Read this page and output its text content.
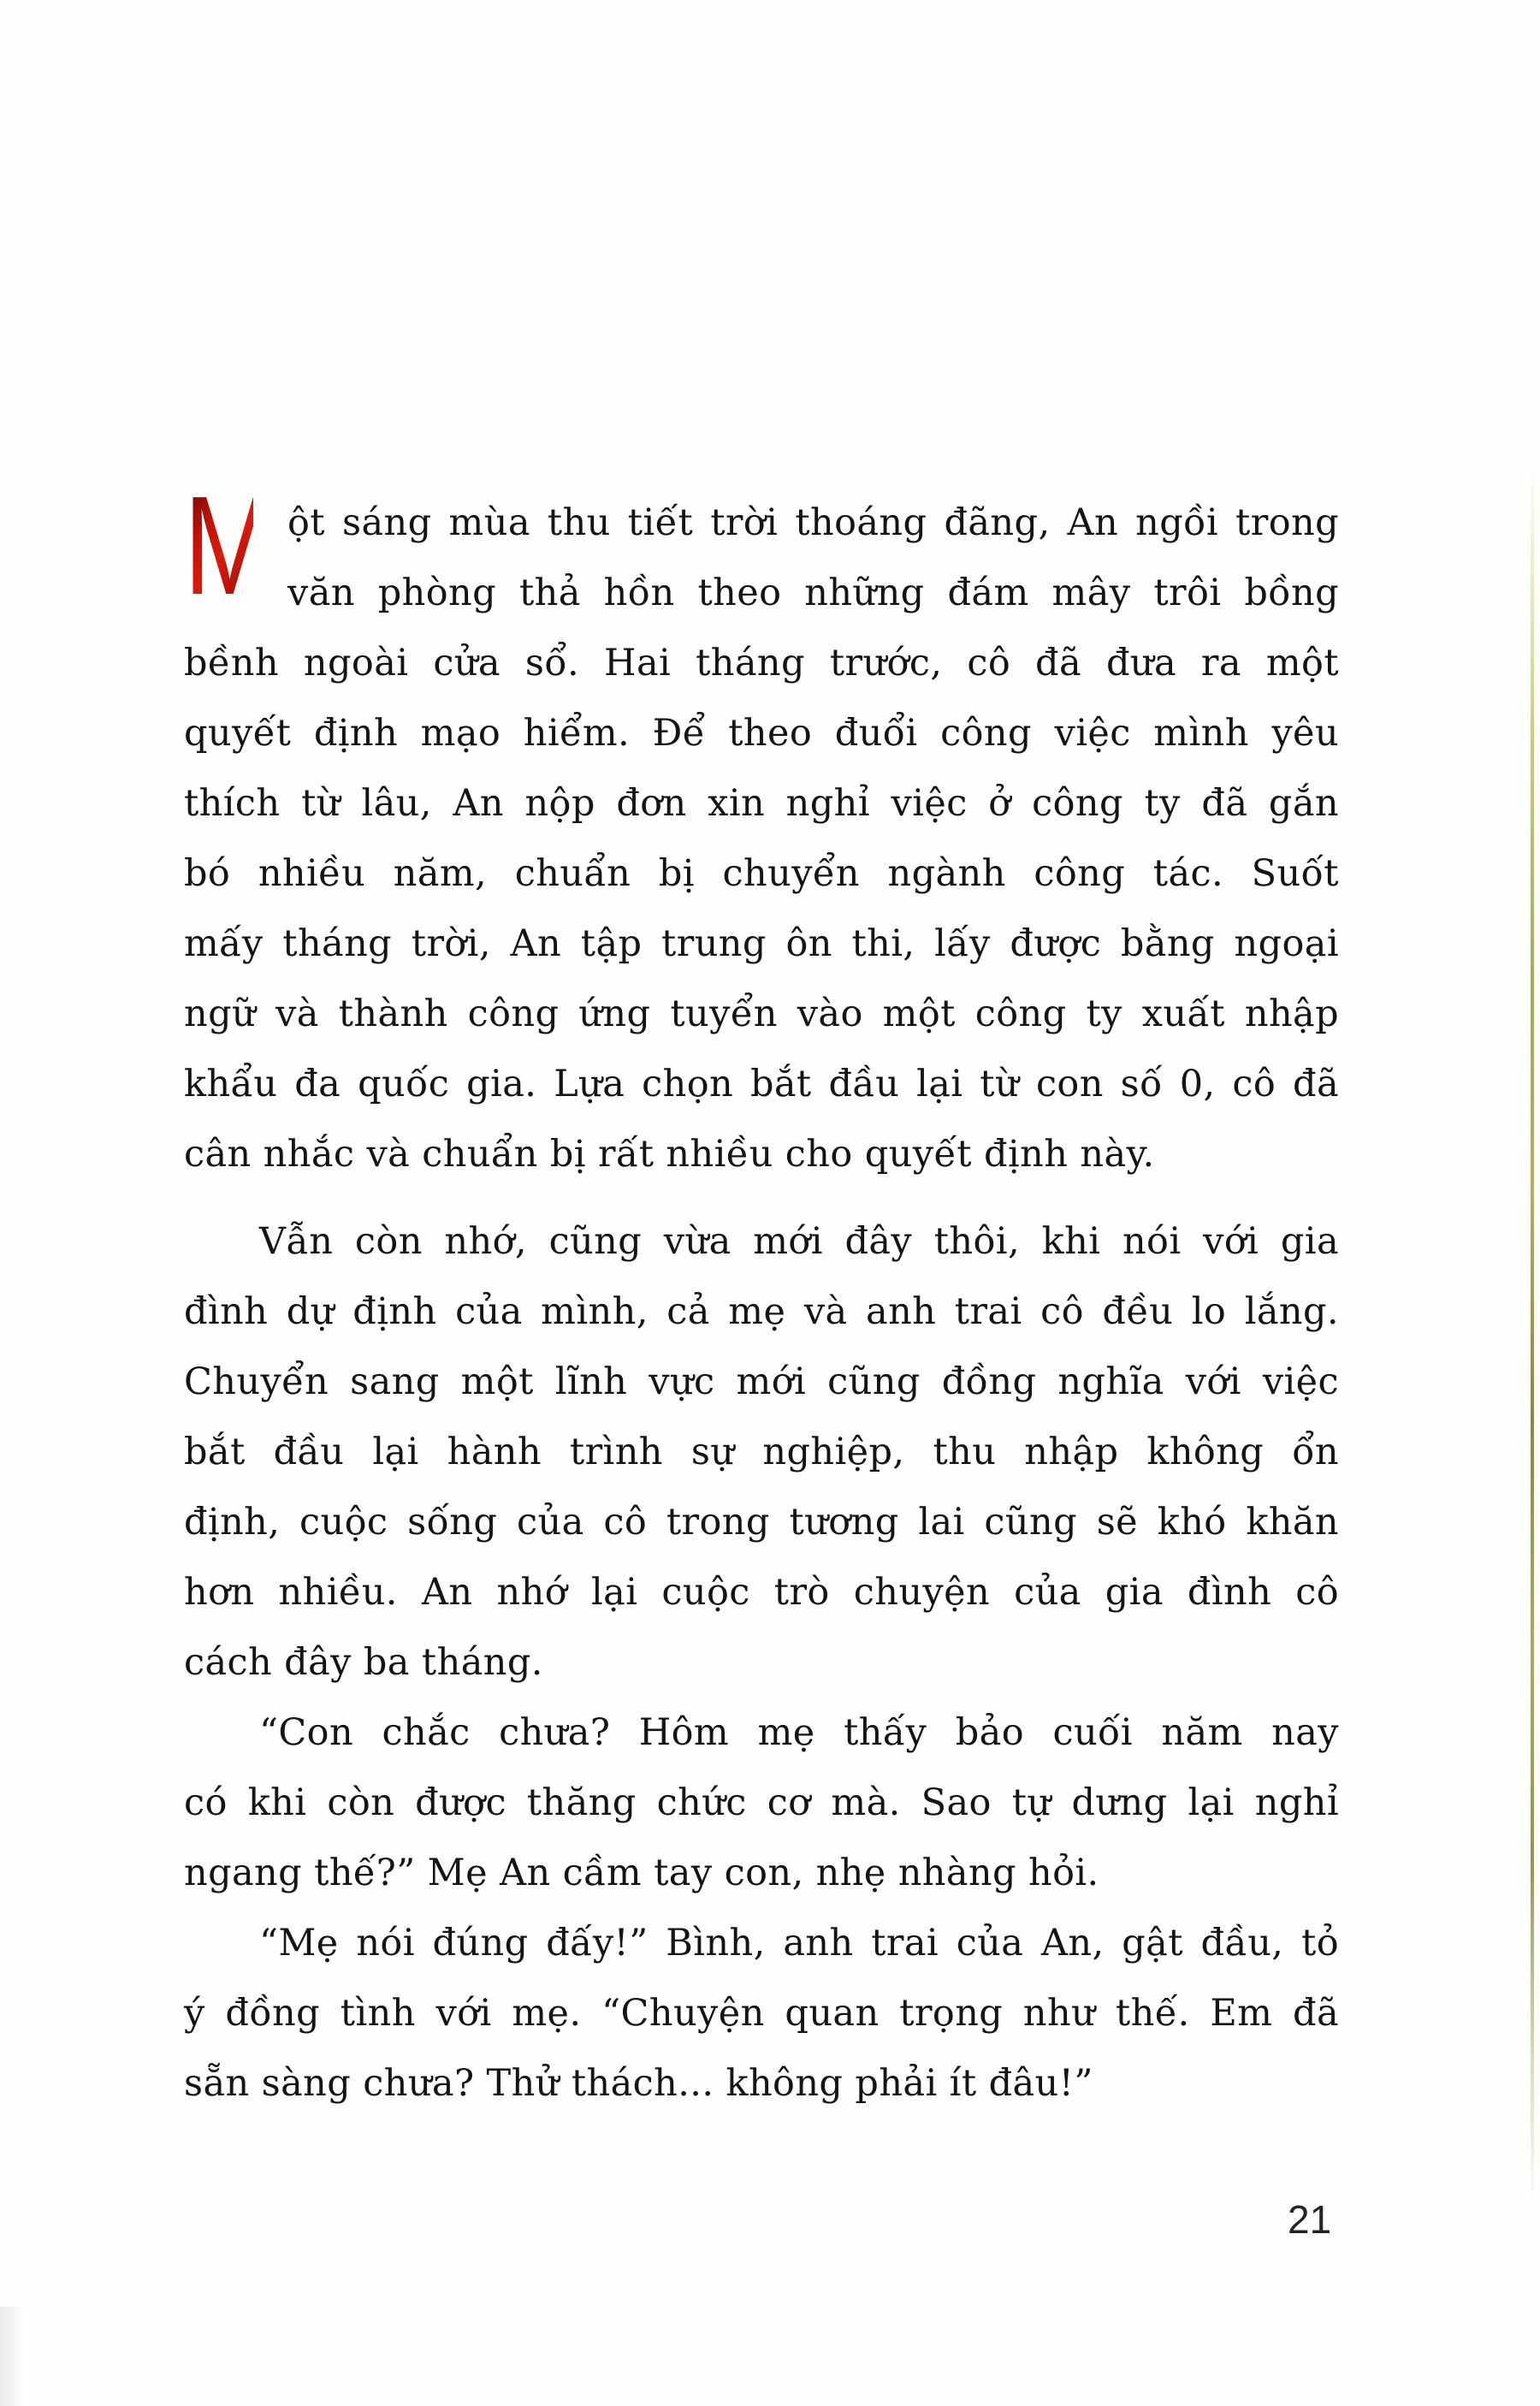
M ột sáng mùa thu tiết trời thoáng đãng, An ngồi trong
văn phòng thả hồn theo những đám mây trôi bồng
bềnh ngoài cửa sổ. Hai tháng trước, cô đã đưa ra một
quyết định mạo hiểm. Để theo đuổi công việc mình yêu
thích từ lâu, An nộp đơn xin nghỉ việc ở công ty đã gắn
bó nhiều năm, chuẩn bị chuyển ngành công tác. Suốt
mấy tháng trời, An tập trung ôn thi, lấy được bằng ngoại
ngữ và thành công ứng tuyển vào một công ty xuất nhập
khẩu đa quốc gia. Lựa chọn bắt đầu lại từ con số 0, cô đã
cân nhắc và chuẩn bị rất nhiều cho quyết định này.
Vẫn còn nhớ, cũng vừa mới đây thôi, khi nói với gia
đình dự định của mình, cả mẹ và anh trai cô đều lo lắng.
Chuyển sang một lĩnh vực mới cũng đồng nghĩa với việc
bắt đầu lại hành trình sự nghiệp, thu nhập không ổn
định, cuộc sống của cô trong tương lai cũng sẽ khó khăn
hơn nhiều. An nhớ lại cuộc trò chuyện của gia đình cô
cách đây ba tháng.
“Con chắc chưa? Hôm mẹ thấy bảo cuối năm nay
có khi còn được thăng chức cơ mà. Sao tự dưng lại nghỉ
ngang thế?” Mẹ An cầm tay con, nhẹ nhàng hỏi.
“Mẹ nói đúng đấy!” Bình, anh trai của An, gật đầu, tỏ
ý đồng tình với mẹ. “Chuyện quan trọng như thế. Em đã
sẵn sàng chưa? Thử thách... không phải ít đâu!”
21
